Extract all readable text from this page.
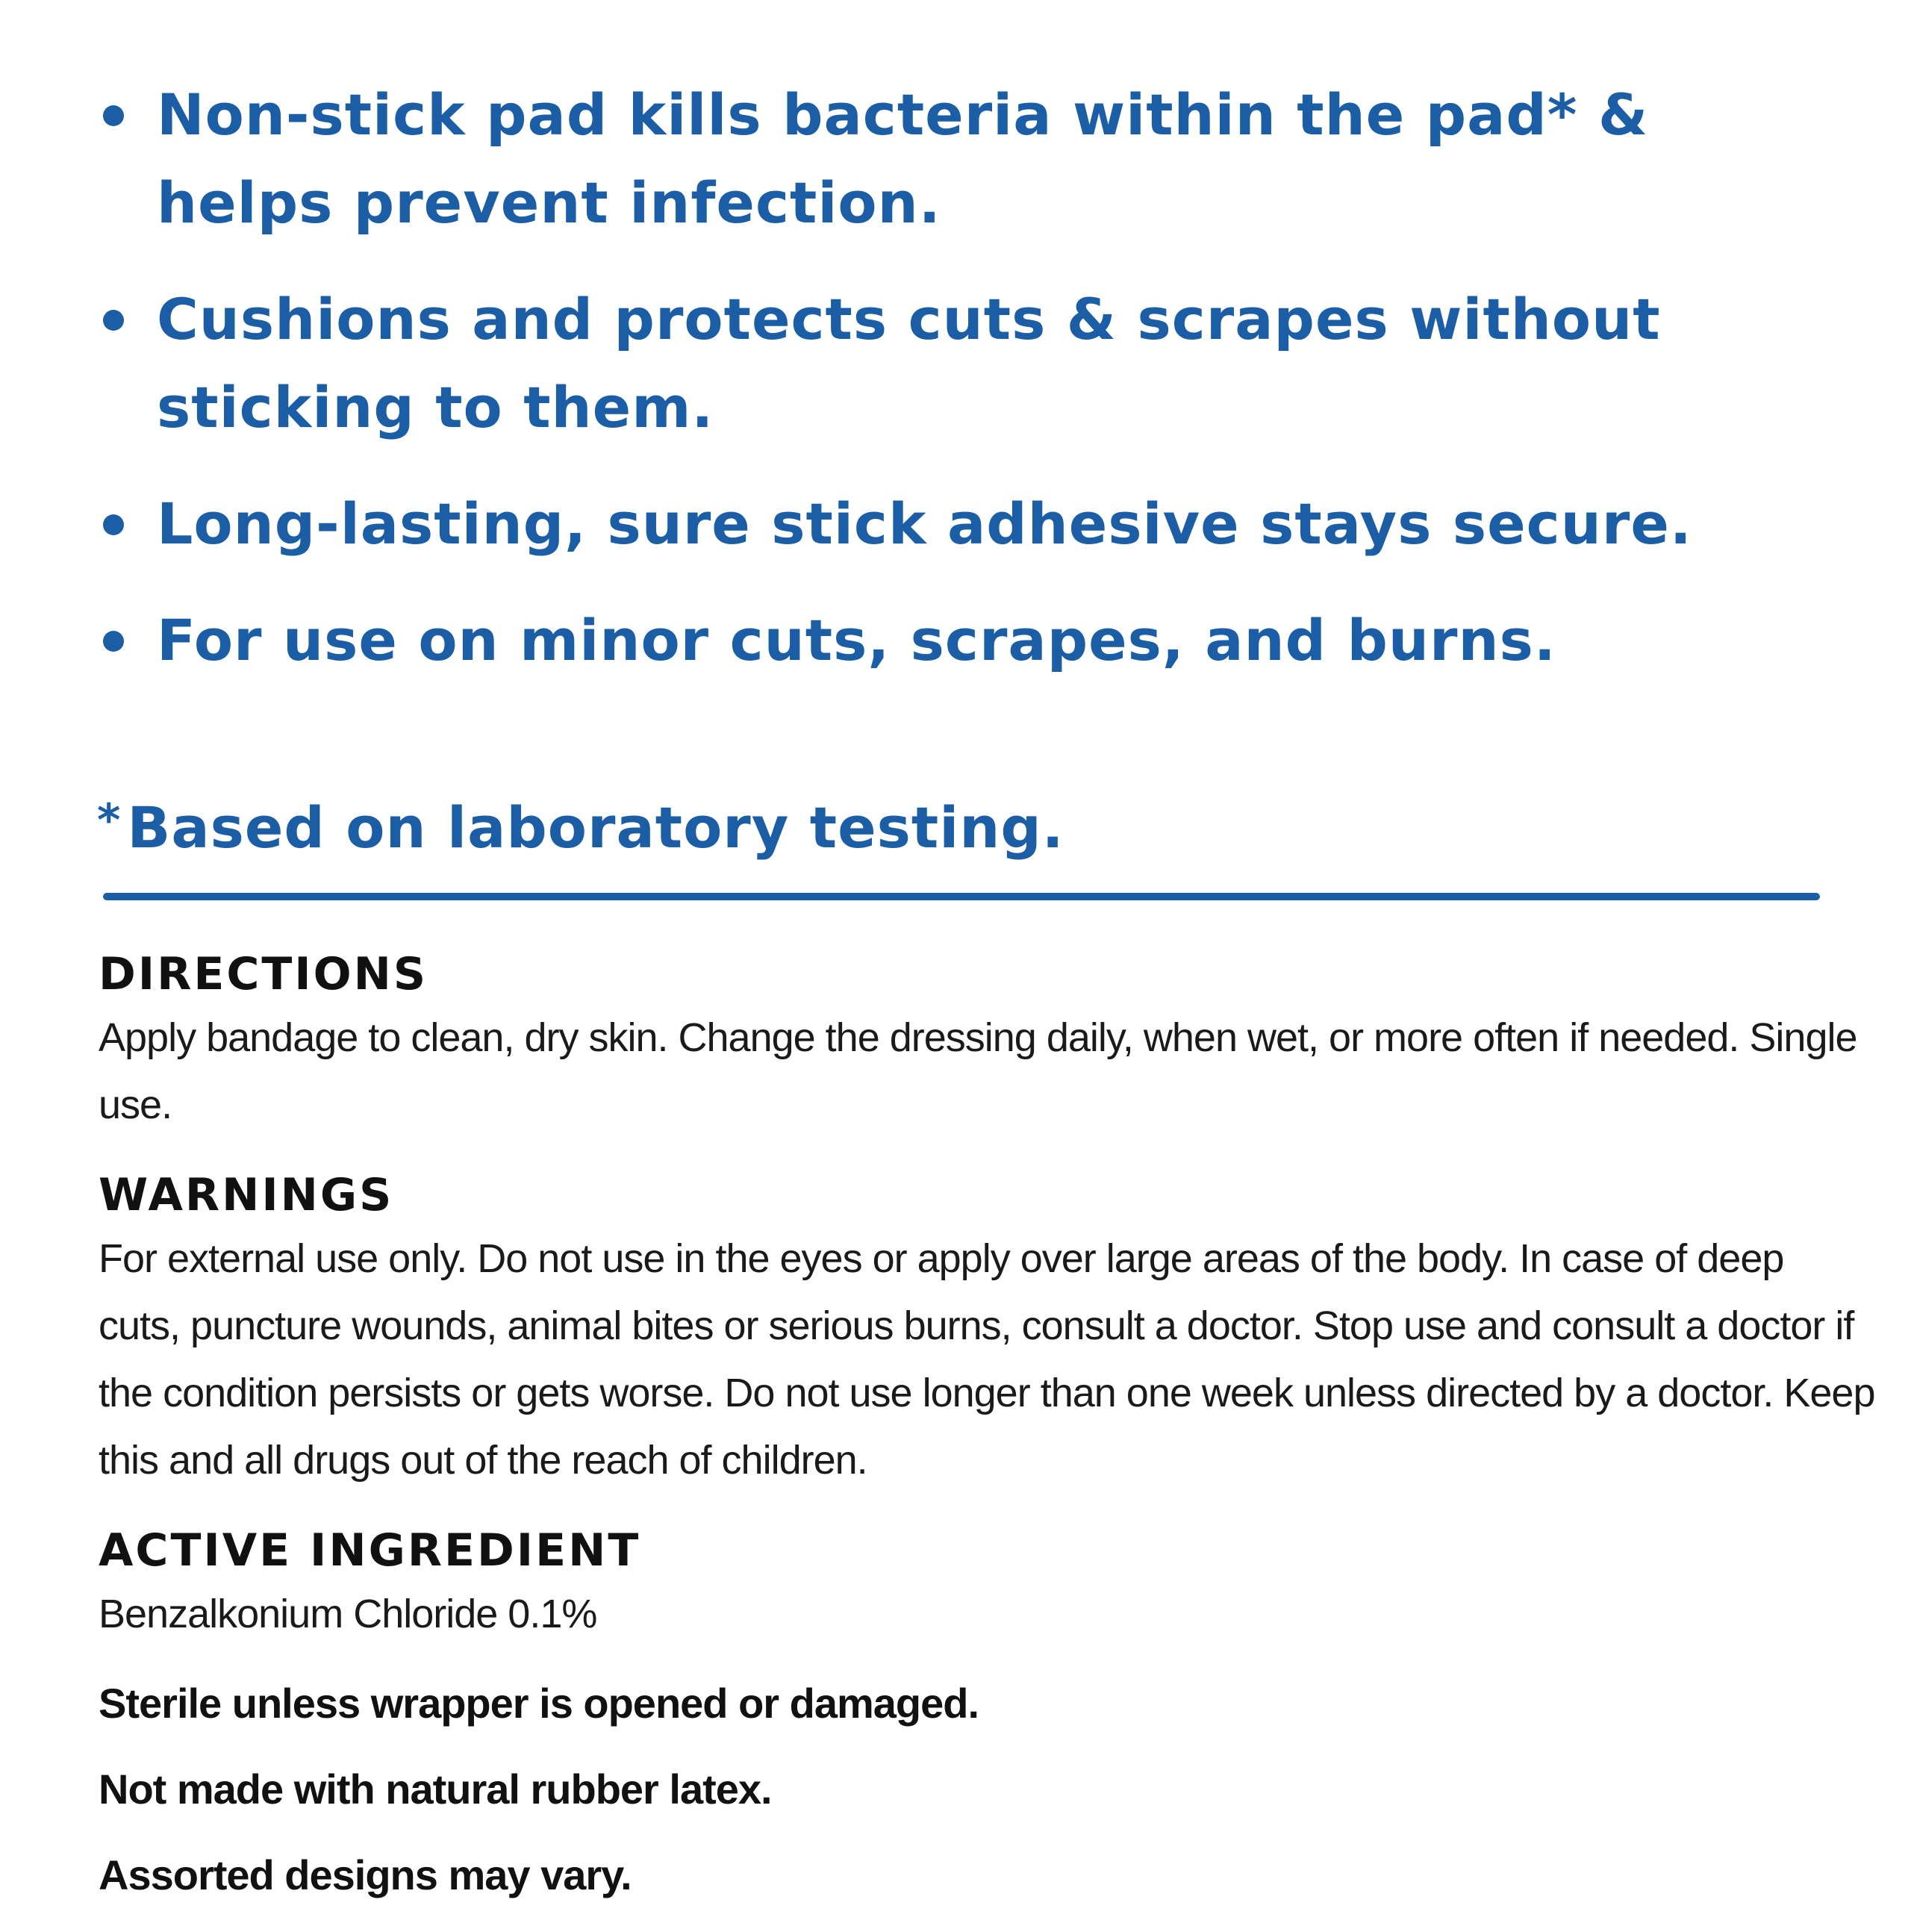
Non-stick pad kills bacteria within the pad* & helps prevent infection.
Cushions and protects cuts & scrapes without sticking to them.
Long-lasting, sure stick adhesive stays secure.
For use on minor cuts, scrapes, and burns.
* Based on laboratory testing.
DIRECTIONS

Apply bandage to clean, dry skin. Change the dressing daily, when wet, or more often if needed. Single use.

WARNINGS

For external use only. Do not use in the eyes or apply over large areas of the body. In case of deep cuts, puncture wounds, animal bites or serious burns, consult a doctor. Stop use and consult a doctor if the condition persists or gets worse. Do not use longer than one week unless directed by a doctor. Keep this and all drugs out of the reach of children.

ACTIVE INGREDIENT

Benzalkonium Chloride 0.1%

Sterile unless wrapper is opened or damaged.

Not made with natural rubber latex.

Assorted designs may vary.
